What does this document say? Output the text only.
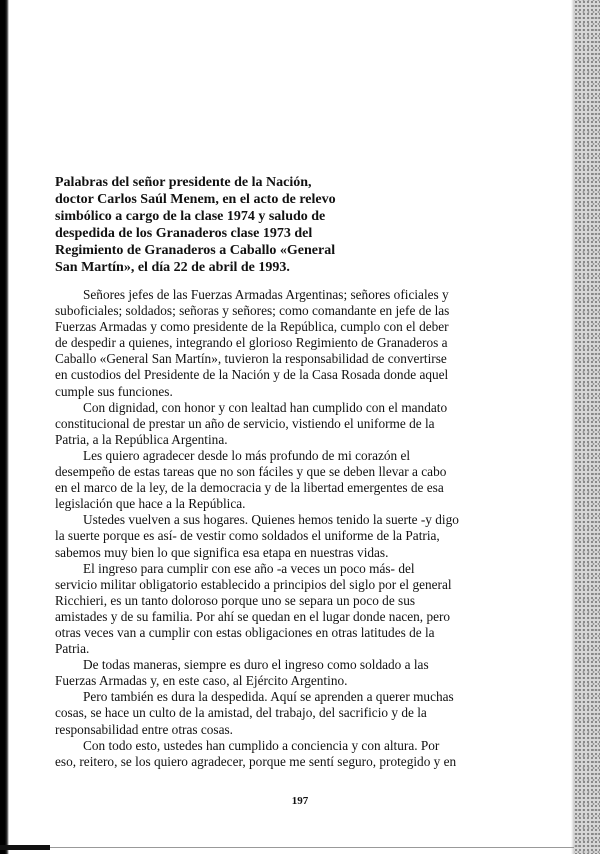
Palabras del señor presidente de la Nación,
doctor Carlos Saúl Menem, en el acto de relevo
simbólico a cargo de la clase 1974 y saludo de
despedida de los Granaderos clase 1973 del
Regimiento de Granaderos a Caballo «General
San Martín», el día 22 de abril de 1993.
Señores jefes de las Fuerzas Armadas Argentinas; señores oficiales y
suboficiales; soldados; señoras y señores; como comandante en jefe de las
Fuerzas Armadas y como presidente de la República, cumplo con el deber
de despedir a quienes, integrando el glorioso Regimiento de Granaderos a
Caballo «General San Martín», tuvieron la responsabilidad de convertirse
en custodios del Presidente de la Nación y de la Casa Rosada donde aquel
cumple sus funciones.
Con dignidad, con honor y con lealtad han cumplido con el mandato
constitucional de prestar un año de servicio, vistiendo el uniforme de la
Patria, a la República Argentina.
Les quiero agradecer desde lo más profundo de mi corazón el
desempeño de estas tareas que no son fáciles y que se deben llevar a cabo
en el marco de la ley, de la democracia y de la libertad emergentes de esa
legislación que hace a la República.
Ustedes vuelven a sus hogares. Quienes hemos tenido la suerte -y digo
la suerte porque es así- de vestir como soldados el uniforme de la Patria,
sabemos muy bien lo que significa esa etapa en nuestras vidas.
El ingreso para cumplir con ese año -a veces un poco más- del
servicio militar obligatorio establecido a principios del siglo por el general
Ricchieri, es un tanto doloroso porque uno se separa un poco de sus
amistades y de su familia. Por ahí se quedan en el lugar donde nacen, pero
otras veces van a cumplir con estas obligaciones en otras latitudes de la
Patria.
De todas maneras, siempre es duro el ingreso como soldado a las
Fuerzas Armadas y, en este caso, al Ejército Argentino.
Pero también es dura la despedida. Aquí se aprenden a querer muchas
cosas, se hace un culto de la amistad, del trabajo, del sacrificio y de la
responsabilidad entre otras cosas.
Con todo esto, ustedes han cumplido a conciencia y con altura. Por
eso, reitero, se los quiero agradecer, porque me sentí seguro, protegido y en
197
